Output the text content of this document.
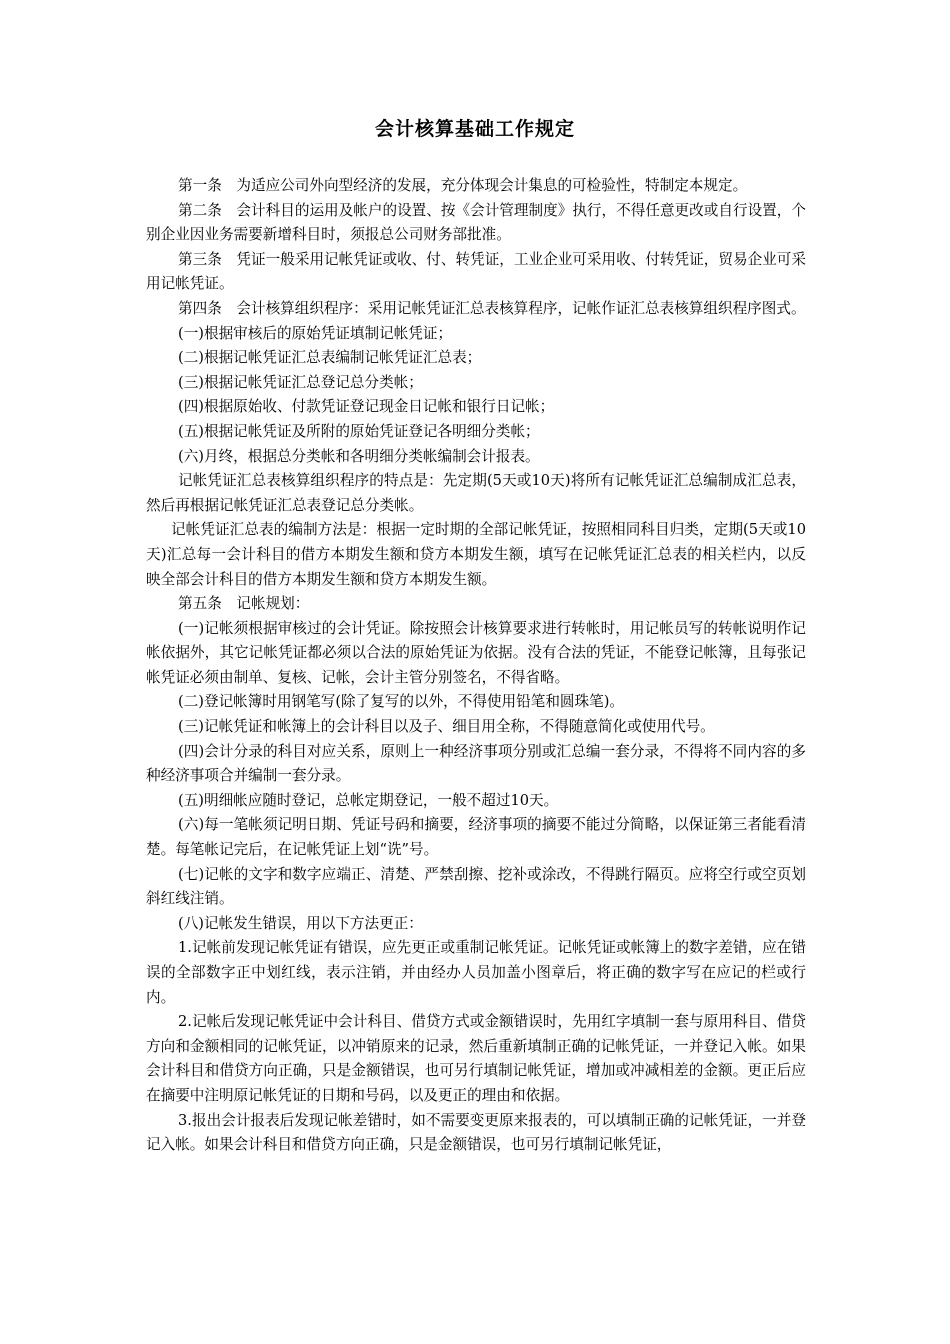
会计核算基础工作规定

第一条　为适应公司外向型经济的发展，充分体现会计集息的可检验性，特制定本规定。

第二条　会计科目的运用及帐户的设置、按《会计管理制度》执行，不得任意更改或自行设置，个别企业因业务需要新增科目时，须报总公司财务部批准。

第三条　凭证一般采用记帐凭证或收、付、转凭证，工业企业可采用收、付转凭证，贸易企业可采用记帐凭证。

第四条　会计核算组织程序：采用记帐凭证汇总表核算程序，记帐作证汇总表核算组织程序图式。

(一)根据审核后的原始凭证填制记帐凭证；

(二)根据记帐凭证汇总表编制记帐凭证汇总表；

(三)根据记帐凭证汇总登记总分类帐；

(四)根据原始收、付款凭证登记现金日记帐和银行日记帐；

(五)根据记帐凭证及所附的原始凭证登记各明细分类帐；

(六)月终，根据总分类帐和各明细分类帐编制会计报表。

记帐凭证汇总表核算组织程序的特点是：先定期(5天或10天)将所有记帐凭证汇总编制成汇总表，然后再根据记帐凭证汇总表登记总分类帐。

记帐凭证汇总表的编制方法是：根据一定时期的全部记帐凭证，按照相同科目归类，定期(5天或10天)汇总每一会计科目的借方本期发生额和贷方本期发生额，填写在记帐凭证汇总表的相关栏内，以反映全部会计科目的借方本期发生额和贷方本期发生额。

第五条　记帐规划：

(一)记帐须根据审核过的会计凭证。除按照会计核算要求进行转帐时，用记帐员写的转帐说明作记帐依据外，其它记帐凭证都必须以合法的原始凭证为依据。没有合法的凭证，不能登记帐簿，且每张记帐凭证必须由制单、复核、记帐，会计主管分别签名，不得省略。

(二)登记帐簿时用钢笔写(除了复写的以外，不得使用铅笔和圆珠笔)。

(三)记帐凭证和帐簿上的会计科目以及子、细目用全称，不得随意简化或使用代号。

(四)会计分录的科目对应关系，原则上一种经济事项分别或汇总编一套分录，不得将不同内容的多种经济事项合并编制一套分录。

(五)明细帐应随时登记，总帐定期登记，一般不超过10天。

(六)每一笔帐须记明日期、凭证号码和摘要，经济事项的摘要不能过分简略，以保证第三者能看清楚。每笔帐记完后，在记帐凭证上划“诜”号。

(七)记帐的文字和数字应端正、清楚、严禁刮擦、挖补或涂改，不得跳行隔页。应将空行或空页划斜红线注销。

(八)记帐发生错误，用以下方法更正：

1.记帐前发现记帐凭证有错误，应先更正或重制记帐凭证。记帐凭证或帐簿上的数字差错，应在错误的全部数字正中划红线，表示注销，并由经办人员加盖小图章后，将正确的数字写在应记的栏或行内。

2.记帐后发现记帐凭证中会计科目、借贷方式或金额错误时，先用红字填制一套与原用科目、借贷方向和金额相同的记帐凭证，以冲销原来的记录，然后重新填制正确的记帐凭证，一并登记入帐。如果会计科目和借贷方向正确，只是金额错误，也可另行填制记帐凭证，增加或冲减相差的金额。更正后应在摘要中注明原记帐凭证的日期和号码，以及更正的理由和依据。

3.报出会计报表后发现记帐差错时，如不需要变更原来报表的，可以填制正确的记帐凭证，一并登记入帐。如果会计科目和借贷方向正确，只是金额错误，也可另行填制记帐凭证，
